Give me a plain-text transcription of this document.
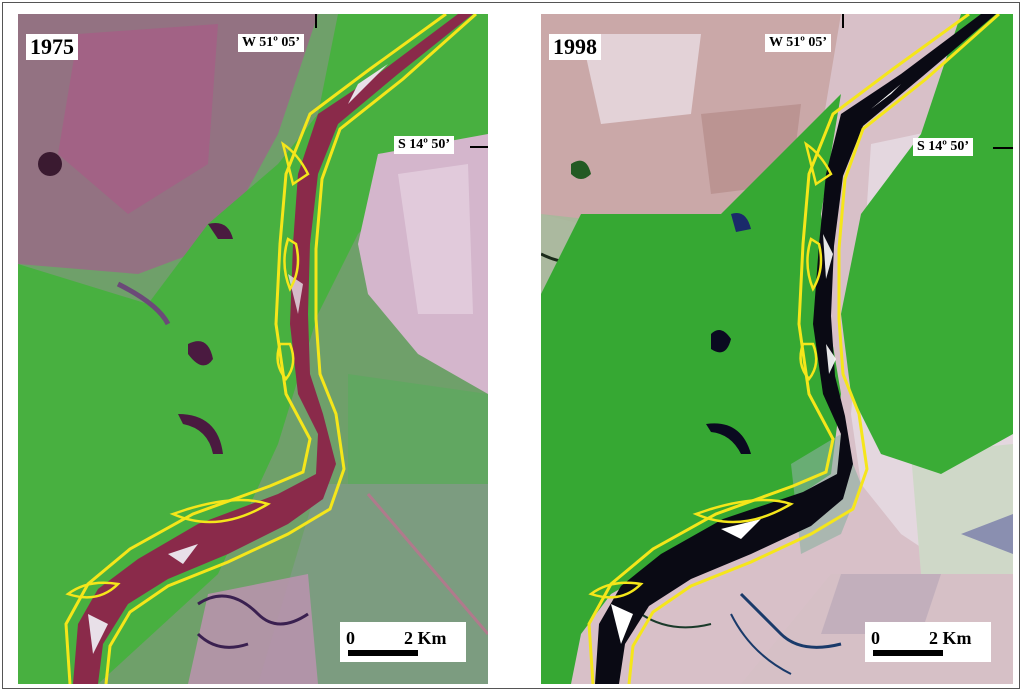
1975	W 51º 05’
S 14º 50’
0	2 Km
1998	W 51º 05’
S 14º 50’
0	2 Km
